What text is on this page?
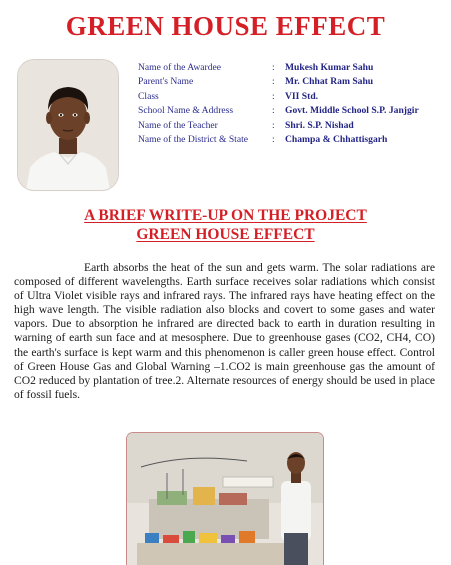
GREEN HOUSE EFFECT
Name of the Awardee	:	Mukesh Kumar Sahu
Parent's Name	:	Mr. Chhat Ram Sahu
Class	:	VII Std.
School Name & Address	:	Govt. Middle School S.P. Janjgir
Name of the Teacher	:	Shri. S.P. Nishad
Name of the District & State	:	Champa & Chhattisgarh
A BRIEF WRITE-UP ON THE PROJECT
GREEN HOUSE EFFECT

Earth absorbs the heat of the sun and gets warm. The solar radiations are composed of different wavelengths. Earth surface receives solar radiations which consist of Ultra Violet visible rays and infrared rays. The infrared rays have heating effect on the high wave length. The visible radiation also blocks and covert to some gases and water vapors. Due to absorption he infrared are directed back to earth in duration resulting in warning of earth sun face and at mesosphere. Due to greenhouse gases (CO2, CH4, CO) the earth's surface is kept warm and this phenomenon is caller green house effect. Control of Green House Gas and Global Warning –1.CO2 is main greenhouse gas the amount of CO2 reduced by plantation of tree.2. Alternate resources of energy should be used in place of fossil fuels.
